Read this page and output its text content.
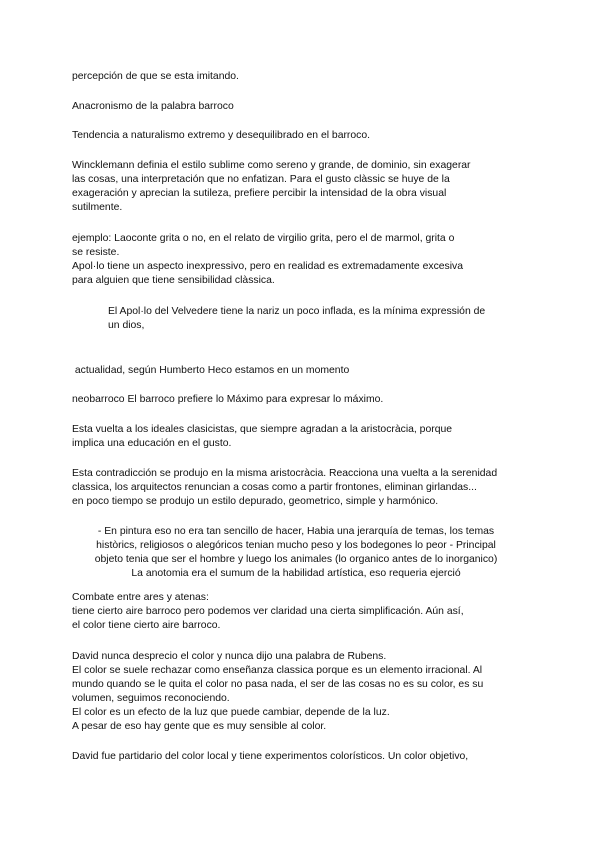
percepción de que se esta imitando.
Anacronismo de la palabra barroco
Tendencia a naturalismo extremo y desequilibrado en el barroco.
Wincklemann definia el estilo sublime como sereno y grande, de dominio, sin exagerar
las cosas, una interpretación que no enfatizan. Para el gusto clàssic se huye de la
exageración y aprecian la sutileza, prefiere percibir la intensidad de la obra visual
sutilmente.
ejemplo: Laoconte grita o no, en el relato de virgilio grita, pero el de marmol, grita o
se resiste.
Apol·lo tiene un aspecto inexpressivo, pero en realidad es extremadamente excesiva
para alguien que tiene sensibilidad clàssica.
El Apol·lo del Velvedere tiene la nariz un poco inflada, es la mínima expressión de
un dios,
actualidad, según Humberto Heco estamos en un momento
neobarroco El barroco prefiere lo Máximo para expresar lo máximo.
Esta vuelta a los ideales clasicistas, que siempre agradan a la aristocràcia, porque
implica una educación en el gusto.
Esta contradicción se produjo en la misma aristocràcia. Reacciona una vuelta a la serenidad
classica, los arquitectos renuncian a cosas como a partir frontones, eliminan girlandas...
en poco tiempo se produjo un estilo depurado, geometrico, simple y harmónico.
- En pintura eso no era tan sencillo de hacer, Habia una jerarquía de temas, los temas
històrics, religiosos o alegóricos tenian mucho peso y los bodegones lo peor - Principal
objeto tenia que ser el hombre y luego los animales (lo organico antes de lo inorganico)
La anotomia era el sumum de la habilidad artística, eso requeria ejerció
Combate entre ares y atenas:
tiene cierto aire barroco pero podemos ver claridad una cierta simplificación. Aún así,
el color tiene cierto aire barroco.
David nunca desprecio el color y nunca dijo una palabra de Rubens.
El color se suele rechazar como enseñanza classica porque es un elemento irracional. Al
mundo quando se le quita el color no pasa nada, el ser de las cosas no es su color, es su
volumen, seguimos reconociendo.
El color es un efecto de la luz que puede cambiar, depende de la luz.
A pesar de eso hay gente que es muy sensible al color.
David fue partidario del color local y tiene experimentos colorísticos. Un color objetivo,
